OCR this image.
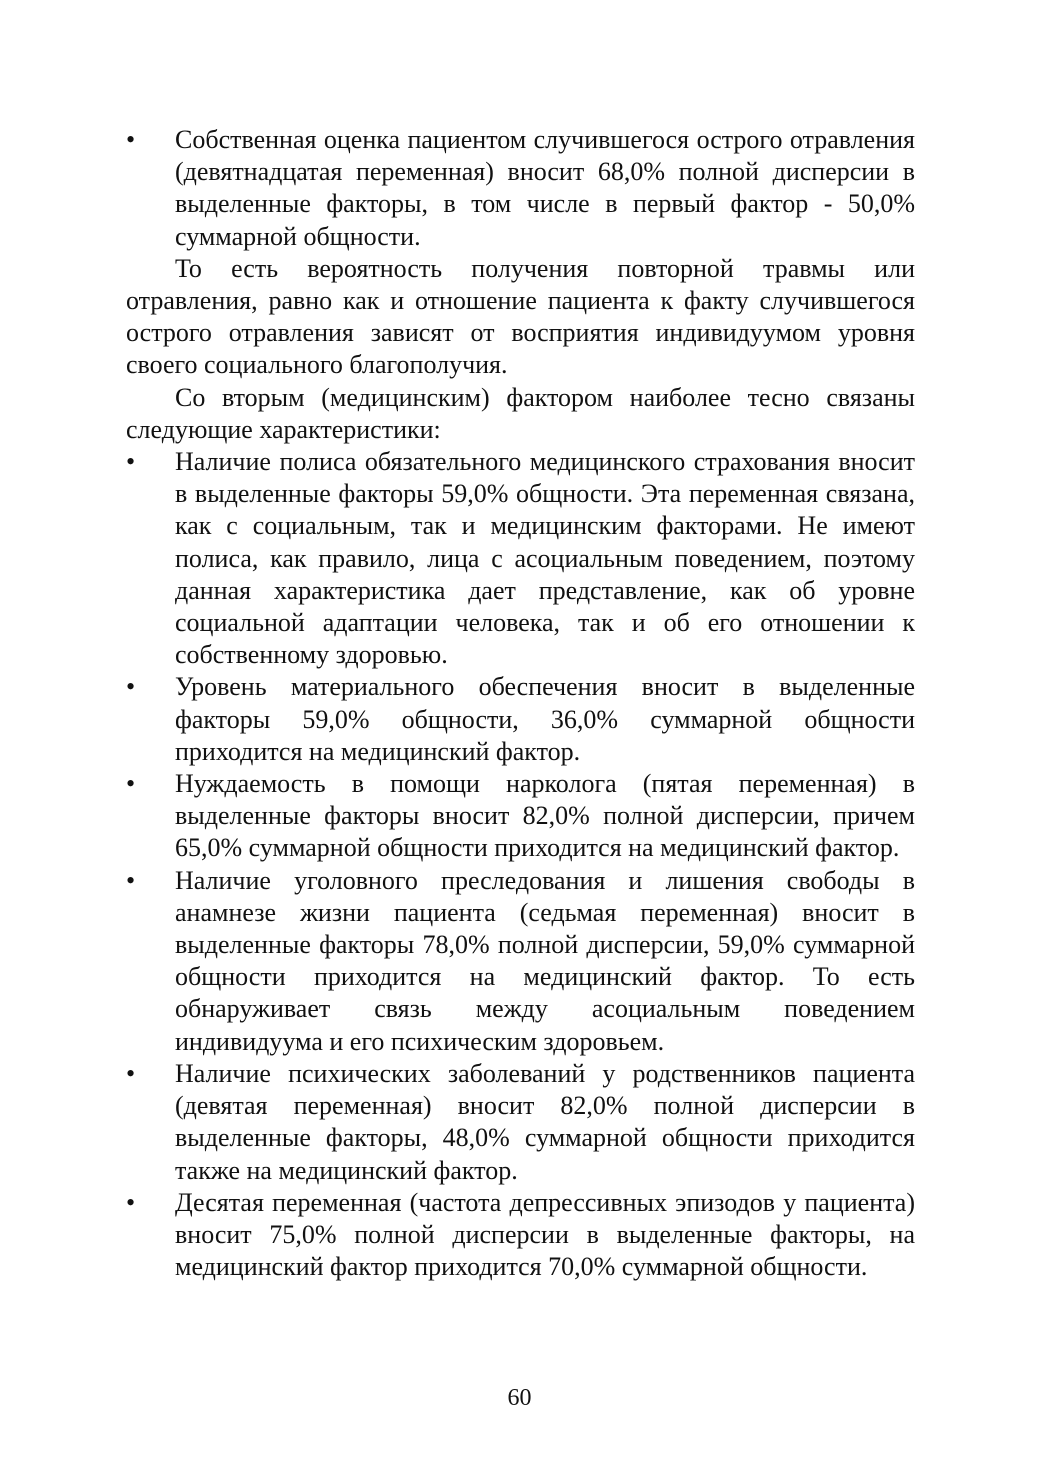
•	Собственная оценка пациентом случившегося острого отравления (девятнадцатая переменная) вносит 68,0% полной дисперсии в выделенные факторы, в том числе в первый фактор - 50,0% суммарной общности.

То есть вероятность получения повторной травмы или отравления, равно как и отношение пациента к факту случившегося острого отравления зависят от восприятия индивидуумом уровня своего социального благополучия.

Со вторым (медицинским) фактором наиболее тесно связаны следующие характеристики:

•	Наличие полиса обязательного медицинского страхования вносит в выделенные факторы 59,0% общности. Эта переменная связана, как с социальным, так и медицинским факторами. Не имеют полиса, как правило, лица с асоциальным поведением, поэтому данная характеристика дает представление, как об уровне социальной адаптации человека, так и об его отношении к собственному здоровью.
•	Уровень материального обеспечения вносит в выделенные факторы 59,0% общности, 36,0% суммарной общности приходится на медицинский фактор.
•	Нуждаемость в помощи нарколога (пятая переменная) в выделенные факторы вносит 82,0% полной дисперсии, причем 65,0% суммарной общности приходится на медицинский фактор.
•	Наличие уголовного преследования и лишения свободы в анамнезе жизни пациента (седьмая переменная) вносит в выделенные факторы 78,0% полной дисперсии, 59,0% суммарной общности приходится на медицинский фактор. То есть обнаруживает связь между асоциальным поведением индивидуума и его психическим здоровьем.
•	Наличие психических заболеваний у родственников пациента (девятая переменная) вносит 82,0% полной дисперсии в выделенные факторы, 48,0% суммарной общности приходится также на медицинский фактор.
•	Десятая переменная (частота депрессивных эпизодов у пациента) вносит 75,0% полной дисперсии в выделенные факторы, на медицинский фактор приходится 70,0% суммарной общности.
60
